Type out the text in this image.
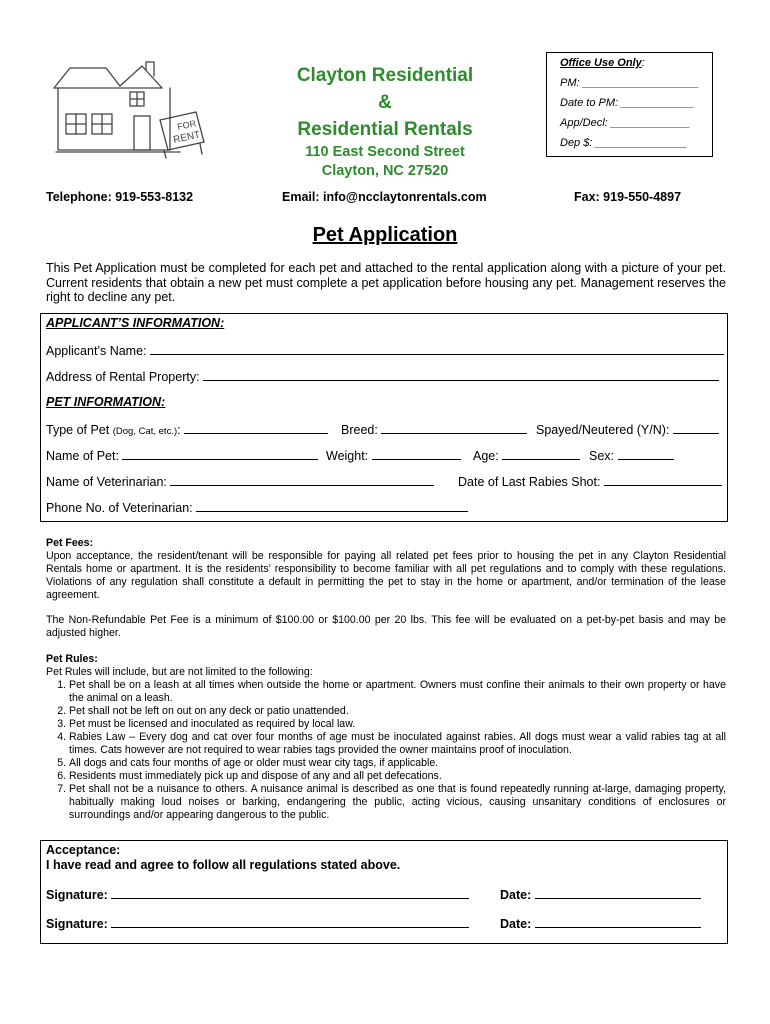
FOR
RENT
Clayton Residential
&
Residential Rentals
110 East Second Street
Clayton, NC 27520
Office Use Only:
PM: ___________________
Date to PM: ____________
App/Decl: _____________
Dep $: _______________
Telephone: 919-553-8132	Email: info@ncclaytonrentals.com	Fax: 919-550-4897
Pet Application
This Pet Application must be completed for each pet and attached to the rental application along with a picture of your pet. Current residents that obtain a new pet must complete a pet application before housing any pet. Management reserves the right to decline any pet.
APPLICANT’S INFORMATION:
Applicant’s Name:
Address of Rental Property:
PET INFORMATION:
Type of Pet (Dog, Cat, etc.):	Breed:	Spayed/Neutered (Y/N):
Name of Pet:	Weight:	Age:	Sex:
Name of Veterinarian:	Date of Last Rabies Shot:
Phone No. of Veterinarian:
Pet Fees:
Upon acceptance, the resident/tenant will be responsible for paying all related pet fees prior to housing the pet in any Clayton Residential Rentals home or apartment. It is the residents’ responsibility to become familiar with all pet regulations and to comply with these regulations. Violations of any regulation shall constitute a default in permitting the pet to stay in the home or apartment, and/or termination of the lease agreement.
The Non-Refundable Pet Fee is a minimum of $100.00 or $100.00 per 20 lbs. This fee will be evaluated on a pet-by-pet basis and may be adjusted higher.
Pet Rules:
Pet Rules will include, but are not limited to the following:
1. Pet shall be on a leash at all times when outside the home or apartment. Owners must confine their animals to their own property or have the animal on a leash.
2. Pet shall not be left on out on any deck or patio unattended.
3. Pet must be licensed and inoculated as required by local law.
4. Rabies Law – Every dog and cat over four months of age must be inoculated against rabies. All dogs must wear a valid rabies tag at all times. Cats however are not required to wear rabies tags provided the owner maintains proof of inoculation.
5. All dogs and cats four months of age or older must wear city tags, if applicable.
6. Residents must immediately pick up and dispose of any and all pet defecations.
7. Pet shall not be a nuisance to others. A nuisance animal is described as one that is found repeatedly running at-large, damaging property, habitually making loud noises or barking, endangering the public, acting vicious, causing unsanitary conditions of enclosures or surroundings and/or appearing dangerous to the public.
Acceptance:
I have read and agree to follow all regulations stated above.
Signature:	Date:
Signature:	Date:
